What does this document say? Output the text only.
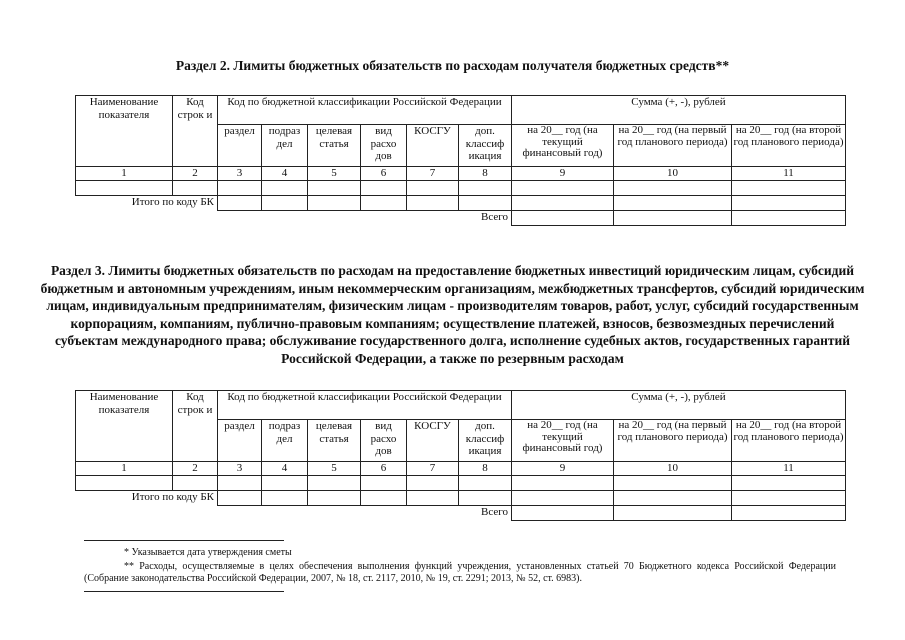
Раздел 2. Лимиты бюджетных обязательств по расходам получателя бюджетных средств**
Наименование показателя	Код строк и	Код по бюджетной классификации Российской Федерации						Сумма (+, -), рублей		
		раздел	подраз дел	целевая статья	вид расхо дов	КОСГУ	доп. классиф икация	на 20__ год (на текущий финансовый год)	на 20__ год (на первый год планового периода)	на 20__ год (на второй год планового периода)
1	2	3	4	5	6	7	8	9	10	11

Итого по коду БК										
Всего										
Раздел 3. Лимиты бюджетных обязательств по расходам на предоставление бюджетных инвестиций юридическим лицам, субсидий бюджетным и автономным учреждениям, иным некоммерческим организациям, межбюджетных трансфертов, субсидий юридическим лицам, индивидуальным предпринимателям, физическим лицам - производителям товаров, работ, услуг, субсидий государственным корпорациям, компаниям, публично-правовым компаниям; осуществление платежей, взносов, безвозмездных перечислений субъектам международного права; обслуживание государственного долга, исполнение судебных актов, государственных гарантий Российской Федерации, а также по резервным расходам
Наименование показателя	Код строк и	Код по бюджетной классификации Российской Федерации						Сумма (+, -), рублей		
		раздел	подраз дел	целевая статья	вид расхо дов	КОСГУ	доп. классиф икация	на 20__ год (на текущий финансовый год)	на 20__ год (на первый год планового периода)	на 20__ год (на второй год планового периода)
1	2	3	4	5	6	7	8	9	10	11

Итого по коду БК										
Всего										
* Указывается дата утверждения сметы
** Расходы, осуществляемые в целях обеспечения выполнения функций учреждения, установленных статьей 70 Бюджетного кодекса Российской Федерации (Собрание законодательства Российской Федерации, 2007, № 18, ст. 2117, 2010, № 19, ст. 2291; 2013, № 52, ст. 6983).
